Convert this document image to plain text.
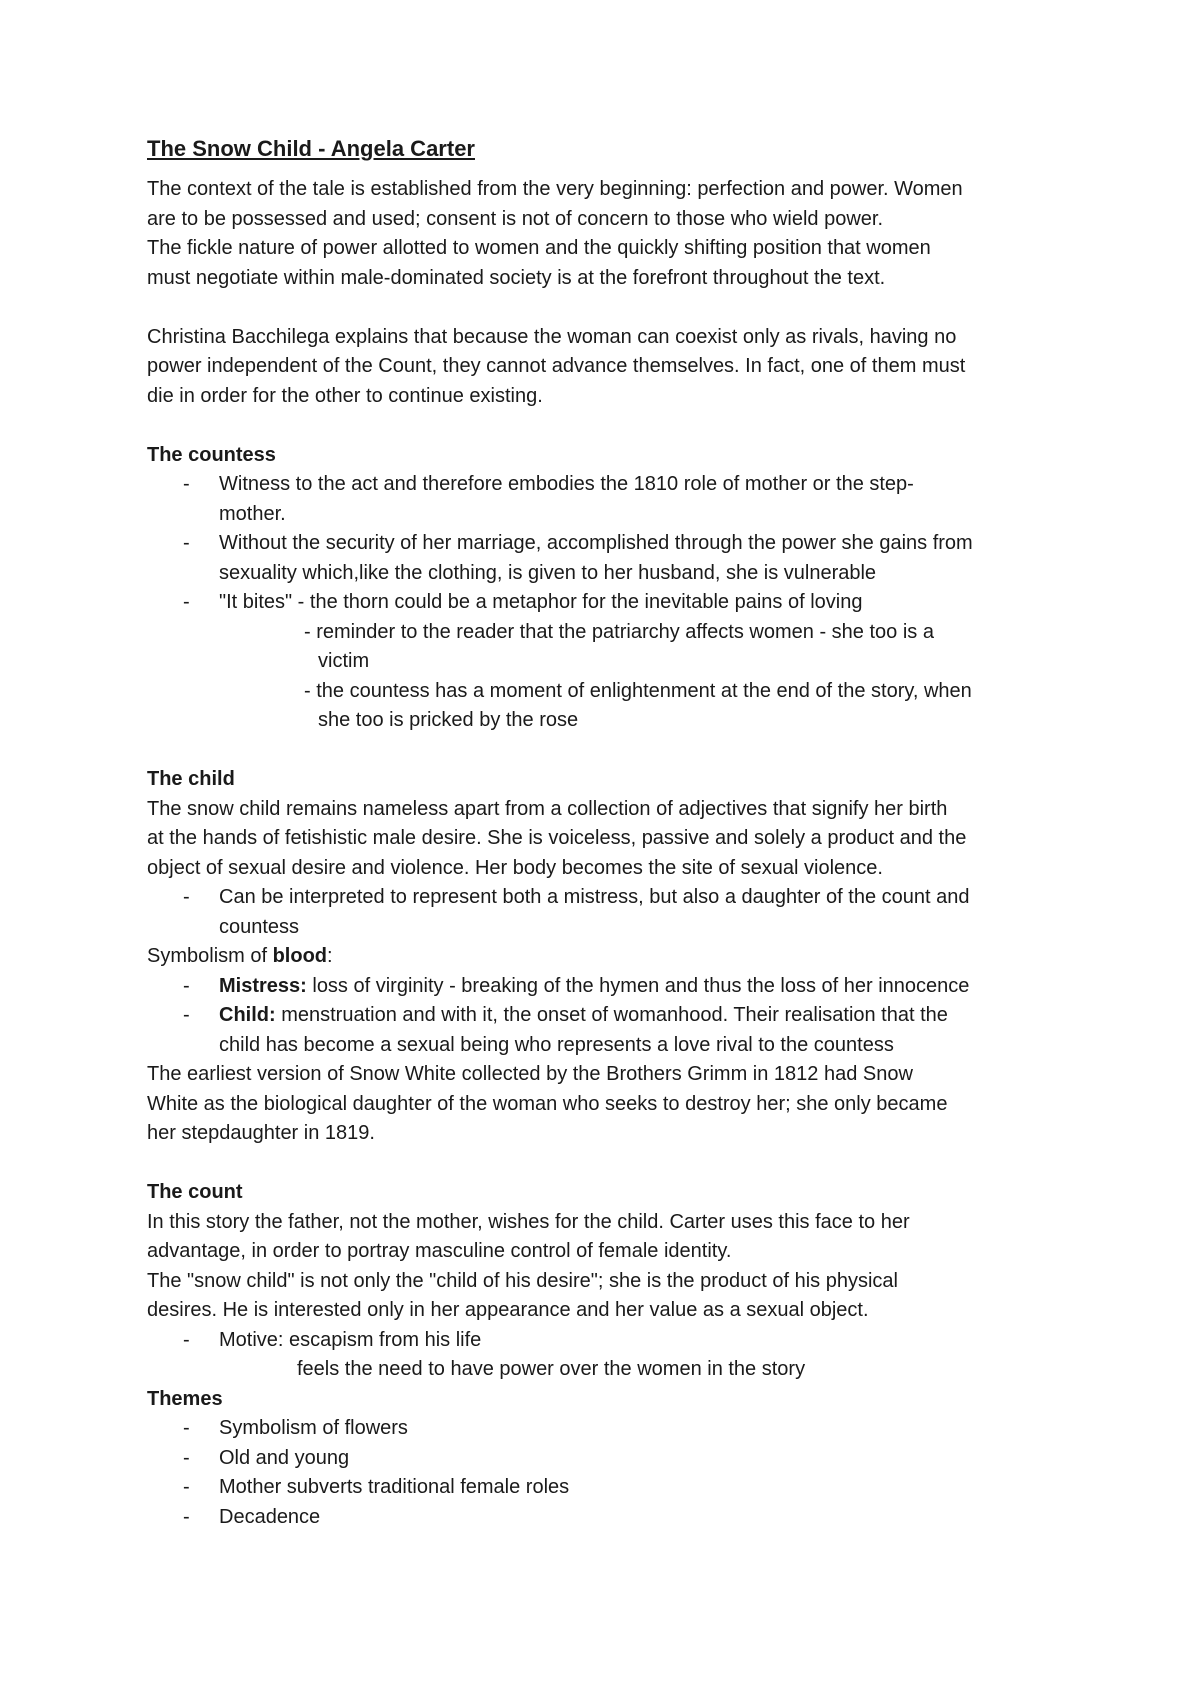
The Snow Child - Angela Carter
The context of the tale is established from the very beginning: perfection and power. Women
are to be possessed and used; consent is not of concern to those who wield power.
The fickle nature of power allotted to women and the quickly shifting position that women
must negotiate within male-dominated society is at the forefront throughout the text.
Christina Bacchilega explains that because the woman can coexist only as rivals, having no
power independent of the Count, they cannot advance themselves. In fact, one of them must
die in order for the other to continue existing.
The countess
- Witness to the act and therefore embodies the 1810 role of mother or the step-
mother.
- Without the security of her marriage, accomplished through the power she gains from
sexuality which,like the clothing, is given to her husband, she is vulnerable
- "It bites" - the thorn could be a metaphor for the inevitable pains of loving
- reminder to the reader that the patriarchy affects women - she too is a
victim
- the countess has a moment of enlightenment at the end of the story, when
she too is pricked by the rose
The child
The snow child remains nameless apart from a collection of adjectives that signify her birth
at the hands of fetishistic male desire. She is voiceless, passive and solely a product and the
object of sexual desire and violence. Her body becomes the site of sexual violence.
- Can be interpreted to represent both a mistress, but also a daughter of the count and
countess
Symbolism of blood:
- Mistress: loss of virginity - breaking of the hymen and thus the loss of her innocence
- Child: menstruation and with it, the onset of womanhood. Their realisation that the
child has become a sexual being who represents a love rival to the countess
The earliest version of Snow White collected by the Brothers Grimm in 1812 had Snow
White as the biological daughter of the woman who seeks to destroy her; she only became
her stepdaughter in 1819.
The count
In this story the father, not the mother, wishes for the child. Carter uses this face to her
advantage, in order to portray masculine control of female identity.
The "snow child" is not only the "child of his desire"; she is the product of his physical
desires. He is interested only in her appearance and her value as a sexual object.
- Motive: escapism from his life
feels the need to have power over the women in the story
Themes
- Symbolism of flowers
- Old and young
- Mother subverts traditional female roles
- Decadence
